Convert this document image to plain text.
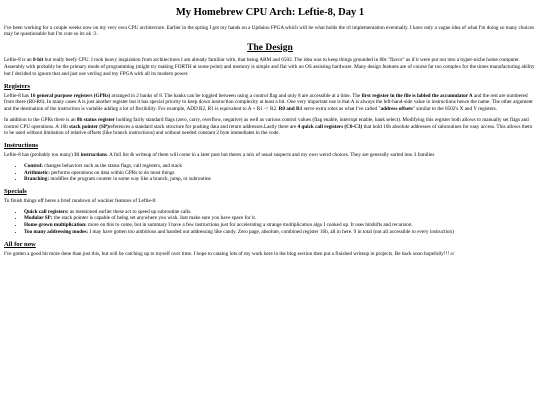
My Homebrew CPU Arch: Leftie-8, Day 1

I've been working for a couple weeks now on my very own CPU architecture. Earlier in the spring I got my hands on a Updaino FPGA which will be what holds the irl implementation eventually. I have only a vague idea of what I'm doing so many choices may be questionable but I'm cute so its ok :3 .

The Design

Leftie-8 is an 8-bit but really beefy CPU. I took heavy inspiration from architectures I am already familiar with, that being ARM and 6502. The idea was to keep things grounded in 80s "flavor" as if it were put out into a hyper-niche home computer. Assembly with probably be the primary mode of programming (might try making FORTH at some point) and memory is simple and flat with no OS assisting hardware. Many design features are of course far too complex for the times manufacturing ability but I decided to ignore that and just use verilog and my FPGA with all its modern power.

Registers

Leftie-8 has 16 general purpose registers (GPRs) arranged in 2 banks of 8. The banks can be toggled between using a control flag and only 8 are accessible at a time. The first register in the file is labled the accumulator A and the rest are numbered from there (R0-R6). In many cases A is just another register but it has special priority to keep down instruction complexity at least a bit. One very important use is that A is always the left-hand-side value in instructions hence the name. The other argument and the destination of the instruction is variable adding a lot of flexibility. For example, ADD R2, R1 is equivalent to A + R1 -> R2. R0 and R1 serve extra roles as what I've called "address offsets" similar to the 6502's X and Y registers.

In addition to the GPRs there is an 8b status register holding fairly standard flags (zero, carry, overflow, negative) as well as various control values (flag enable, interrupt enable, bank select). Modifying this register both allows to manually set flags and control CPU operations. A 16b stack pointer (SP)references a standard stack structure for pushing data and return addresses.Lastly there are 4 quick call registers (C0-C3) that hold 16b absolute addresses of subroutines for easy access. This allows them to be used without limitation of relative offsets (like branch instructions) and without needed constant 2 byte immediates in the code.

Instructions

Leftie-8 has (probably too many) 31 instructions. A full list & writeup of them will come in a later post but theres a mix of usual suspects and my own weird choices. They are generally sorted into 3 families

• Control: changes behaviors such as the status flags, call registers, and stack
• Arithmetic: performs operations on data within GPRs to do most things
• Branching: modifies the program counter in some way like a branch, jump, or subroutine
Specials

To finish things off heres a brief rundown of wackier features of Leftie-8:

• Quick call registers: as mentioned earlier these act to speed up subroutine calls.
• Modular SP: the stack pointer is capable of being set anywhere you wish. Just make sure you have space for it.
• Home grown multiplication: more on this to come, but in summary I have a few instructions just for accelerating a strange multiplication algo I cooked up. It uses bitshifts and recursion.
• Too many addressing modes: I may have gotten too ambitious and handed out addressing like candy. Zero page, absolute, combined register 16b, all in here. 9 in total (not all accessible to every instruction)
All for now

I've gotten a good bit more done than just this, but will be catching up to myself over time. I hope to catalog lots of my work here in the blog section then put a finished writeup in projects. Be back soon hopefully!!! o/
